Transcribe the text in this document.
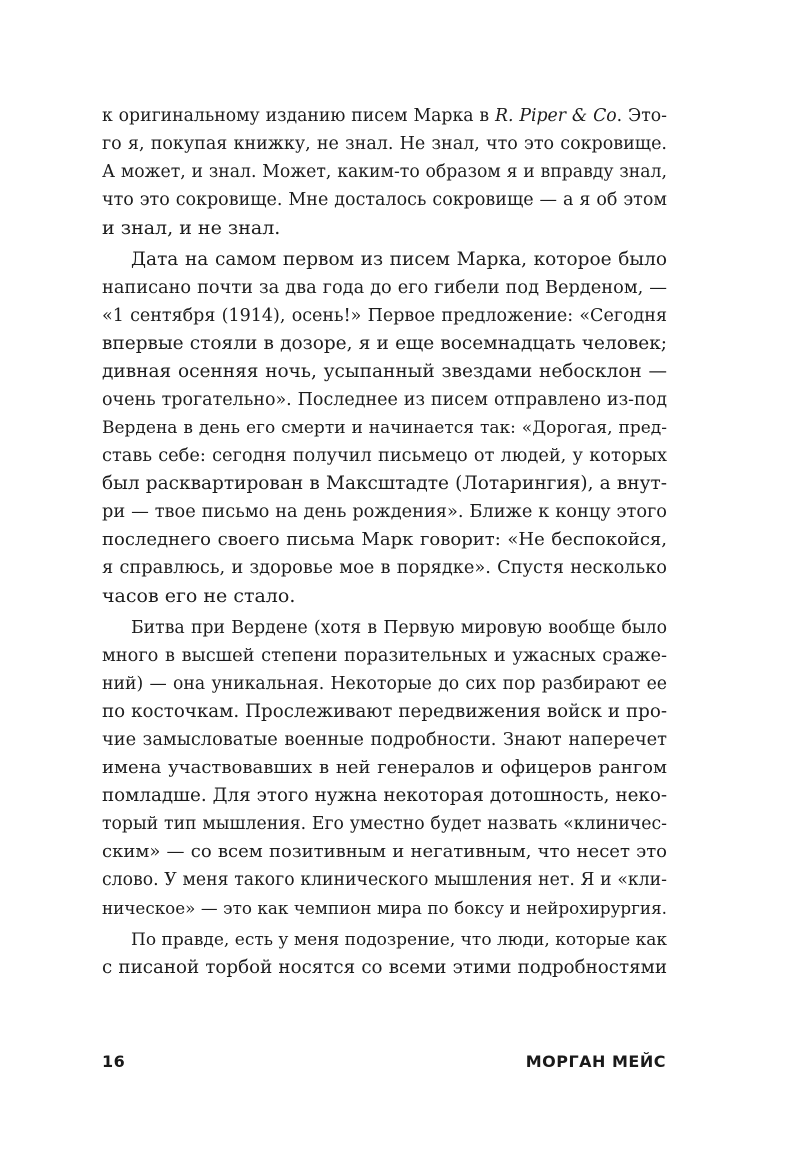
к оригинальному изданию писем Марка в R. Piper & Co. Это-
го я, покупая книжку, не знал. Не знал, что это сокровище.
А может, и знал. Может, каким-то образом я и вправду знал,
что это сокровище. Мне досталось сокровище — а я об этом
и знал, и не знал.
Дата на самом первом из писем Марка, которое было
написано почти за два года до его гибели под Верденом, —
«1 сентября (1914), осень!» Первое предложение: «Сегодня
впервые стояли в дозоре, я и еще восемнадцать человек;
дивная осенняя ночь, усыпанный звездами небосклон —
очень трогательно». Последнее из писем отправлено из-под
Вердена в день его смерти и начинается так: «Дорогая, пред-
ставь себе: сегодня получил письмецо от людей, у которых
был расквартирован в Максштадте (Лотарингия), а внут-
ри — твое письмо на день рождения». Ближе к концу этого
последнего своего письма Марк говорит: «Не беспокойся,
я справлюсь, и здоровье мое в порядке». Спустя несколько
часов его не стало.
Битва при Вердене (хотя в Первую мировую вообще было
много в высшей степени поразительных и ужасных сраже-
ний) — она уникальная. Некоторые до сих пор разбирают ее
по косточкам. Прослеживают передвижения войск и про-
чие замысловатые военные подробности. Знают наперечет
имена участвовавших в ней генералов и офицеров рангом
помладше. Для этого нужна некоторая дотошность, неко-
торый тип мышления. Его уместно будет назвать «клиничес-
ским» — со всем позитивным и негативным, что несет это
слово. У меня такого клинического мышления нет. Я и «кли-
ническое» — это как чемпион мира по боксу и нейрохирургия.
По правде, есть у меня подозрение, что люди, которые как
с писаной торбой носятся со всеми этими подробностями
16	МОРГАН МЕЙС
